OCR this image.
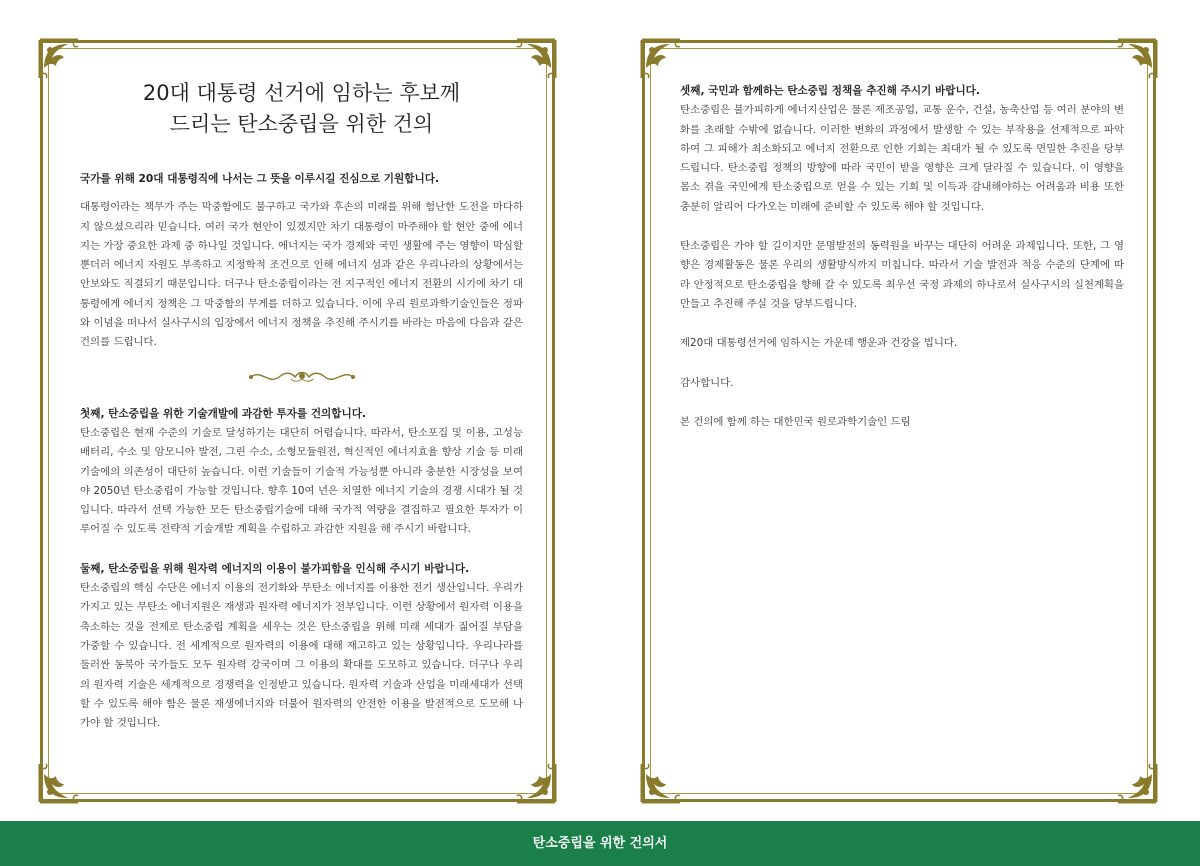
20대 대통령 선거에 임하는 후보께
드리는 탄소중립을 위한 건의
국가를 위해 20대 대통령직에 나서는 그 뜻을 이루시길 진심으로 기원합니다.

대통령이라는 책무가 주는 막중함에도 불구하고 국가와 후손의 미래를 위해 험난한 도전을 마다하지 않으셨으리라 믿습니다. 여러 국가 현안이 있겠지만 차기 대통령이 마주해야 할 현안 중에 에너지는 가장 중요한 과제 중 하나일 것입니다. 에너지는 국가 경제와 국민 생활에 주는 영향이 막심할뿐더러 에너지 자원도 부족하고 지정학적 조건으로 인해 에너지 섬과 같은 우리나라의 상황에서는 안보와도 직결되기 때문입니다. 더구나 탄소중립이라는 전 지구적인 에너지 전환의 시기에 차기 대통령에게 에너지 정책은 그 막중함의 무게를 더하고 있습니다. 이에 우리 원로과학기술인들은 정파와 이념을 떠나서 실사구시의 입장에서 에너지 정책을 추진해 주시기를 바라는 마음에 다음과 같은 건의를 드립니다.

첫째, 탄소중립을 위한 기술개발에 과감한 투자를 건의합니다.

탄소중립은 현재 수준의 기술로 달성하기는 대단히 어렵습니다. 따라서, 탄소포집 및 이용, 고성능 배터리, 수소 및 암모니아 발전, 그린 수소, 소형모듈원전, 혁신적인 에너지효율 향상 기술 등 미래 기술에의 의존성이 대단히 높습니다. 이런 기술들이 기술적 가능성뿐 아니라 충분한 시장성을 보여야 2050년 탄소중립이 가능할 것입니다. 향후 10여 년은 치열한 에너지 기술의 경쟁 시대가 될 것입니다. 따라서 선택 가능한 모든 탄소중립기술에 대해 국가적 역량을 결집하고 필요한 투자가 이루어질 수 있도록 전략적 기술개발 계획을 수립하고 과감한 지원을 해 주시기 바랍니다.

둘째, 탄소중립을 위해 원자력 에너지의 이용이 불가피함을 인식해 주시기 바랍니다.

탄소중립의 핵심 수단은 에너지 이용의 전기화와 무탄소 에너지를 이용한 전기 생산입니다. 우리가 가지고 있는 무탄소 에너지원은 재생과 원자력 에너지가 전부입니다. 이런 상황에서 원자력 이용을 축소하는 것을 전제로 탄소중립 계획을 세우는 것은 탄소중립을 위해 미래 세대가 짊어질 부담을 가중할 수 있습니다. 전 세계적으로 원자력의 이용에 대해 재고하고 있는 상황입니다. 우리나라를 둘러싼 동북아 국가들도 모두 원자력 강국이며 그 이용의 확대를 도모하고 있습니다. 더구나 우리의 원자력 기술은 세계적으로 경쟁력을 인정받고 있습니다. 원자력 기술과 산업을 미래세대가 선택할 수 있도록 해야 함은 물론 재생에너지와 더불어 원자력의 안전한 이용을 발전적으로 도모해 나가야 할 것입니다.

셋째, 국민과 함께하는 탄소중립 정책을 추진해 주시기 바랍니다.

탄소중립은 불가피하게 에너지산업은 물론 제조공업, 교통 운수, 건설, 농축산업 등 여러 분야의 변화를 초래할 수밖에 없습니다. 이러한 변화의 과정에서 발생할 수 있는 부작용을 선제적으로 파악하여 그 피해가 최소화되고 에너지 전환으로 인한 기회는 최대가 될 수 있도록 면밀한 추진을 당부드립니다. 탄소중립 정책의 방향에 따라 국민이 받을 영향은 크게 달라질 수 있습니다. 이 영향을 몸소 겪을 국민에게 탄소중립으로 얻을 수 있는 기회 및 이득과 감내해야하는 어려움과 비용 또한 충분히 알리어 다가오는 미래에 준비할 수 있도록 해야 할 것입니다.

탄소중립은 가야 할 길이지만 문명발전의 동력원을 바꾸는 대단히 어려운 과제입니다. 또한, 그 영향은 경제활동은 물론 우리의 생활방식까지 미칩니다. 따라서 기술 발전과 적응 수준의 단계에 따라 안정적으로 탄소중립을 향해 갈 수 있도록 최우선 국정 과제의 하나로서 실사구시의 실천계획을 만들고 추진해 주실 것을 당부드립니다.

제20대 대통령선거에 임하시는 가운데 행운과 건강을 빕니다.

감사합니다.

본 건의에 함께 하는 대한민국 원로과학기술인 드림

탄소중립을 위한 건의서
